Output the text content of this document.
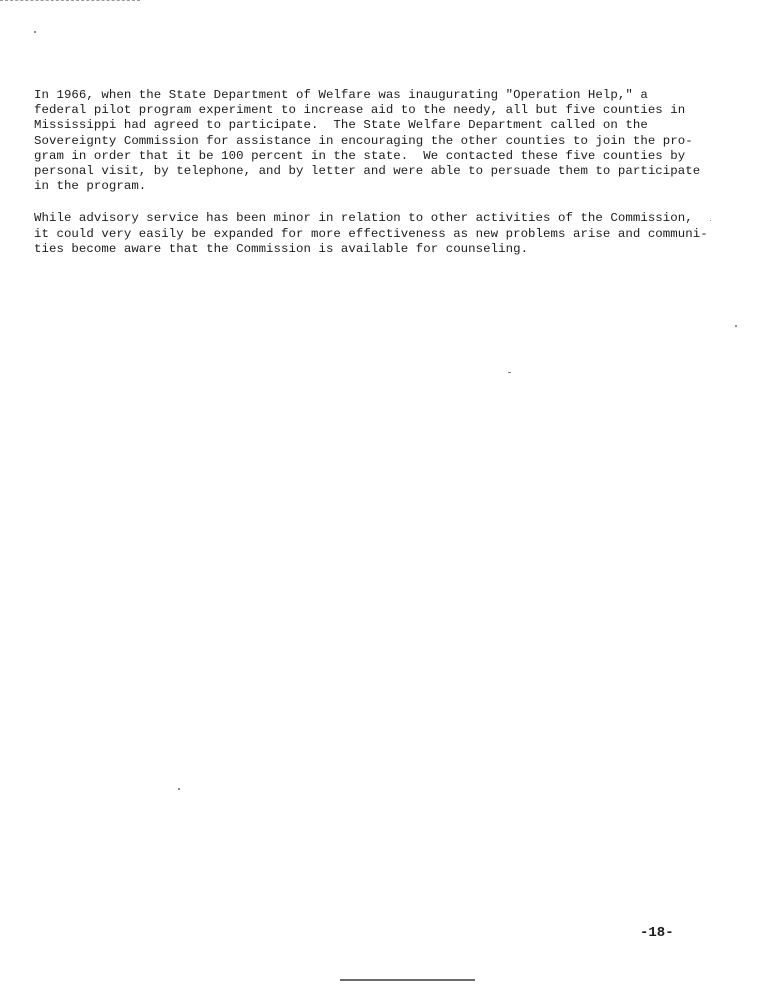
In 1966, when the State Department of Welfare was inaugurating "Operation Help," a
federal pilot program experiment to increase aid to the needy, all but five counties in
Mississippi had agreed to participate.  The State Welfare Department called on the
Sovereignty Commission for assistance in encouraging the other counties to join the pro-
gram in order that it be 100 percent in the state.  We contacted these five counties by
personal visit, by telephone, and by letter and were able to persuade them to participate
in the program.

While advisory service has been minor in relation to other activities of the Commission,
it could very easily be expanded for more effectiveness as new problems arise and communi-
ties become aware that the Commission is available for counseling.

-18-
